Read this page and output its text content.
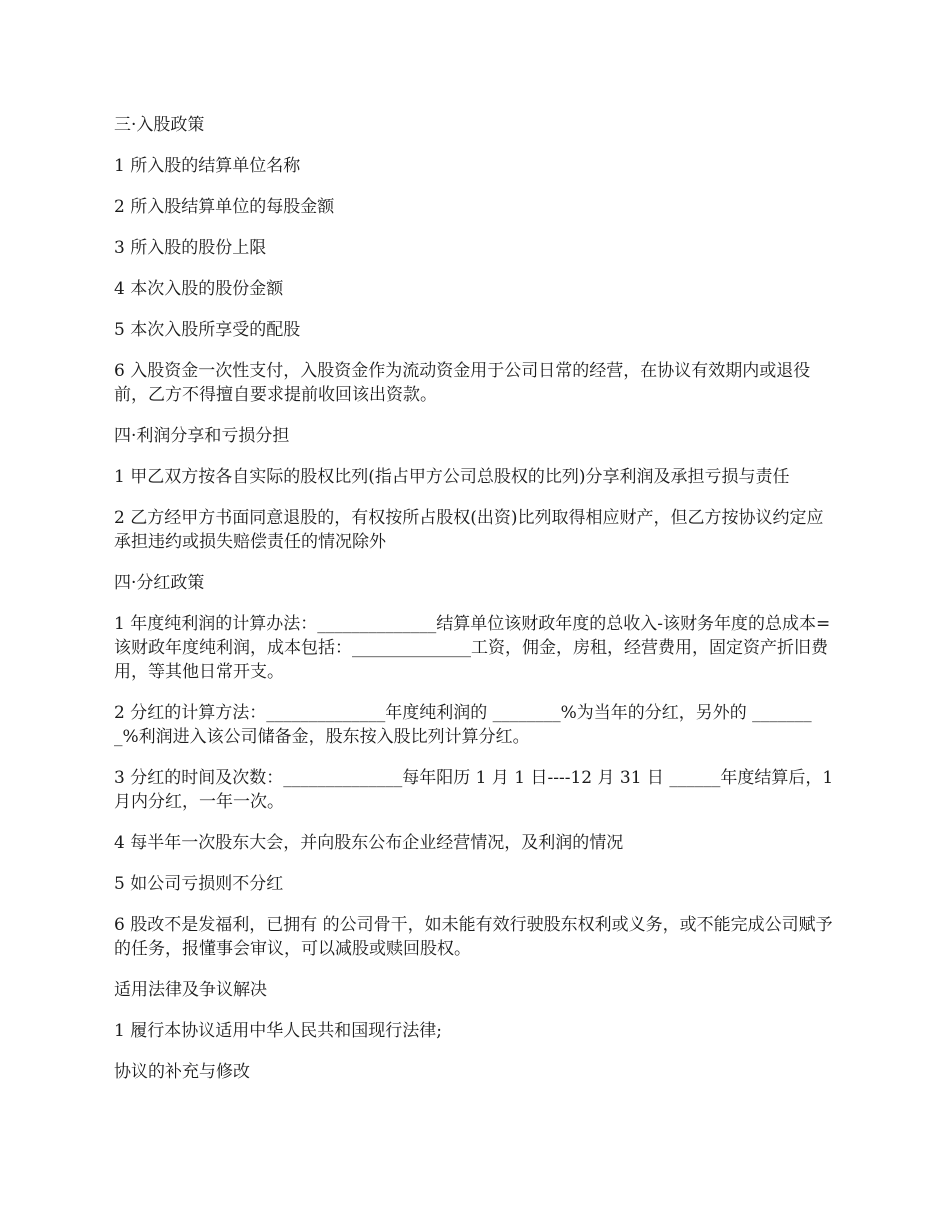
三·入股政策

1 所入股的结算单位名称

2 所入股结算单位的每股金额

3 所入股的股份上限

4 本次入股的股份金额

5 本次入股所享受的配股

6 入股资金一次性支付，入股资金作为流动资金用于公司日常的经营，在协议有效期内或退役前，乙方不得擅自要求提前收回该出资款。

四·利润分享和亏损分担

1 甲乙双方按各自实际的股权比列(指占甲方公司总股权的比列)分享利润及承担亏损与责任

2 乙方经甲方书面同意退股的，有权按所占股权(出资)比列取得相应财产，但乙方按协议约定应承担违约或损失赔偿责任的情况除外

四·分红政策

1 年度纯利润的计算办法：______________结算单位该财政年度的总收入-该财务年度的总成本=该财政年度纯利润，成本包括：______________工资，佣金，房租，经营费用，固定资产折旧费用，等其他日常开支。

2 分红的计算方法：______________年度纯利润的 ________%为当年的分红，另外的 ________%利润进入该公司储备金，股东按入股比列计算分红。

3 分红的时间及次数：______________每年阳历 1 月 1 日----12 月 31 日 ______年度结算后，1 月内分红，一年一次。

4 每半年一次股东大会，并向股东公布企业经营情况，及利润的情况

5 如公司亏损则不分红

6 股改不是发福利，已拥有 的公司骨干，如未能有效行驶股东权利或义务，或不能完成公司赋予的任务，报懂事会审议，可以减股或赎回股权。

适用法律及争议解决

1 履行本协议适用中华人民共和国现行法律;

协议的补充与修改
